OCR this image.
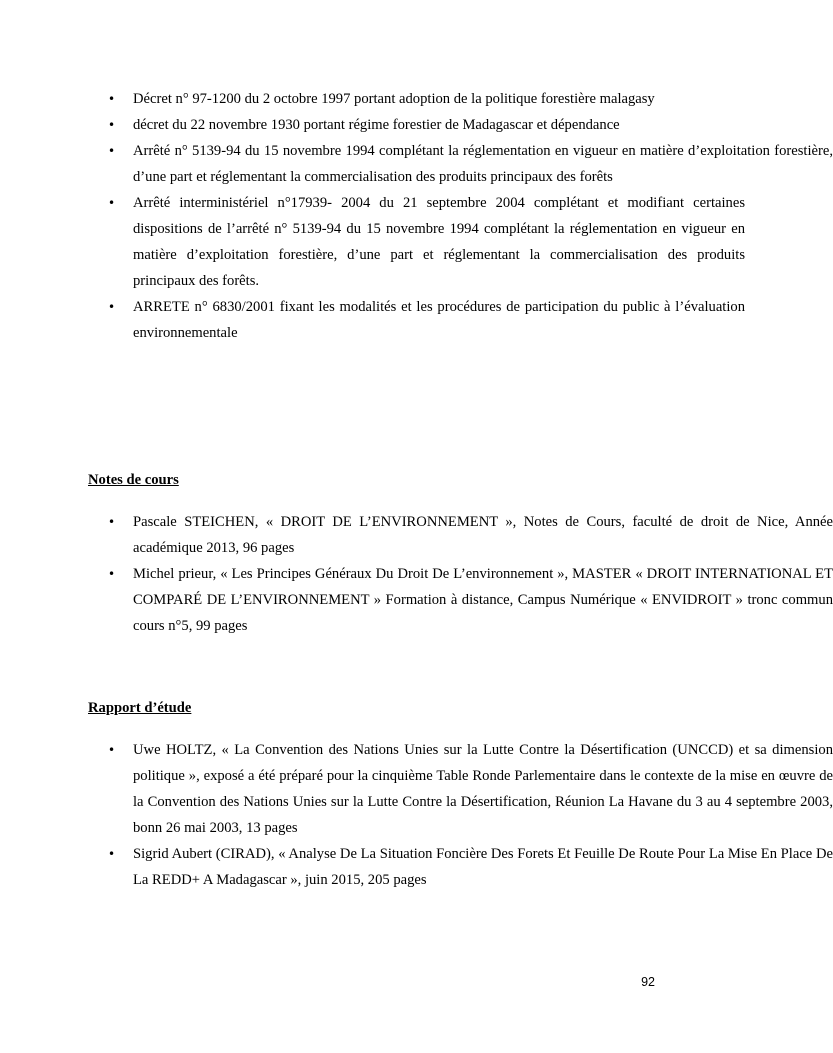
• Décret n° 97-1200 du 2 octobre 1997 portant adoption de la politique forestière malagasy
• décret du 22 novembre 1930 portant régime forestier de Madagascar et dépendance
• Arrêté n° 5139-94 du 15 novembre 1994 complétant la réglementation en vigueur en matière d’exploitation forestière, d’une part et réglementant la commercialisation des produits principaux des forêts
• Arrêté interministériel n°17939- 2004 du 21 septembre 2004 complétant et modifiant certaines dispositions de l’arrêté n° 5139-94 du 15 novembre 1994 complétant la réglementation en vigueur en matière d’exploitation forestière, d’une part et réglementant la commercialisation des produits principaux des forêts.
• ARRETE n° 6830/2001 fixant les modalités et les procédures de participation du public à l’évaluation environnementale
Notes de cours
• Pascale STEICHEN, « DROIT DE L’ENVIRONNEMENT », Notes de Cours, faculté de droit de Nice, Année académique 2013, 96 pages
• Michel prieur, « Les Principes Généraux Du Droit De L’environnement », MASTER « DROIT INTERNATIONAL ET COMPARÉ DE L’ENVIRONNEMENT » Formation à distance, Campus Numérique « ENVIDROIT » tronc commun cours n°5, 99 pages
Rapport d’étude
• Uwe HOLTZ, « La Convention des Nations Unies sur la Lutte Contre la Désertification (UNCCD) et sa dimension politique », exposé a été préparé pour la cinquième Table Ronde Parlementaire dans le contexte de la mise en œuvre de la Convention des Nations Unies sur la Lutte Contre la Désertification, Réunion La Havane du 3 au 4 septembre 2003, bonn 26 mai 2003, 13 pages
• Sigrid Aubert (CIRAD), « Analyse De La Situation Foncière Des Forets Et Feuille De Route Pour La Mise En Place De La REDD+ A Madagascar », juin 2015, 205 pages
92
